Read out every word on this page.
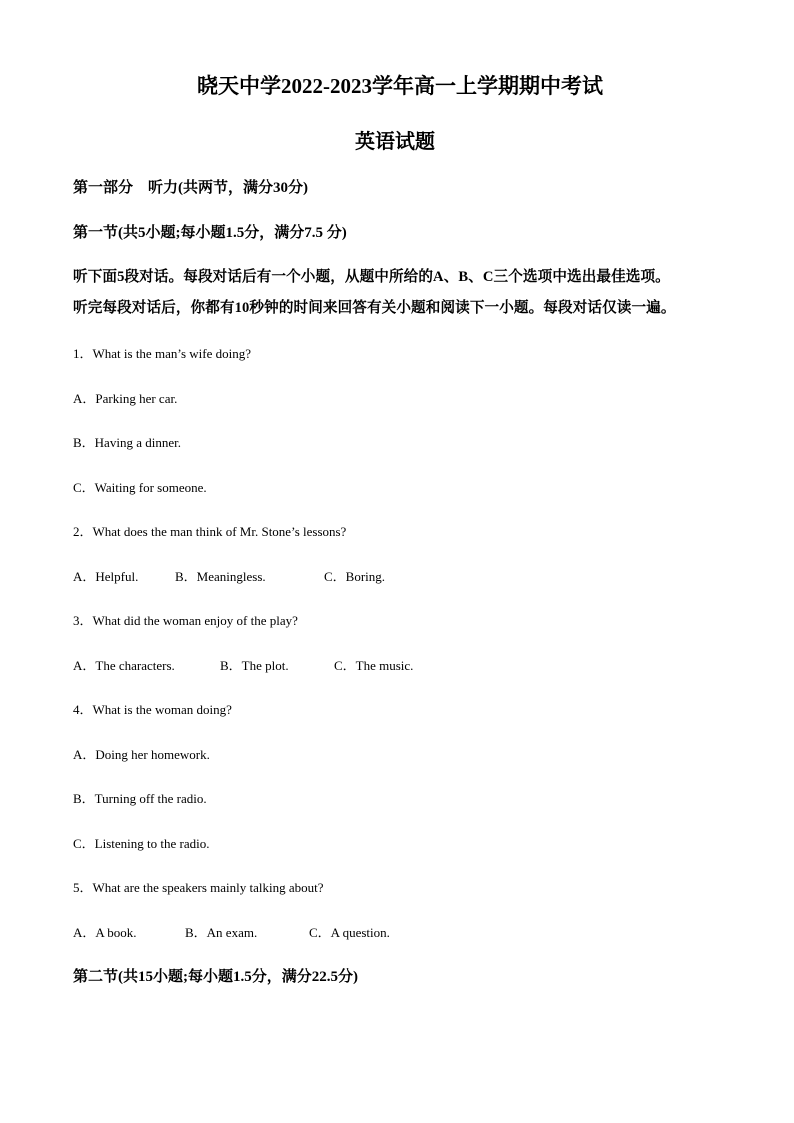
晓天中学2022-2023学年高一上学期期中考试
英语试题
第一部分　听力(共两节，满分30分)
第一节(共5小题;每小题1.5分，满分7.5 分)
听下面5段对话。每段对话后有一个小题，从题中所给的A、B、C三个选项中选出最佳选项。
听完每段对话后，你都有10秒钟的时间来回答有关小题和阅读下一小题。每段对话仅读一遍。
1．What is the man’s wife doing?
A．Parking her car.
B．Having a dinner.
C．Waiting for someone.
2．What does the man think of Mr. Stone’s lessons?
A．Helpful.	B．Meaningless.	C．Boring.
3．What did the woman enjoy of the play?
A．The characters.	B．The plot.	C．The music.
4．What is the woman doing?
A．Doing her homework.
B．Turning off the radio.
C．Listening to the radio.
5．What are the speakers mainly talking about?
A．A book.	B．An exam.	C．A question.
第二节(共15小题;每小题1.5分，满分22.5分)
